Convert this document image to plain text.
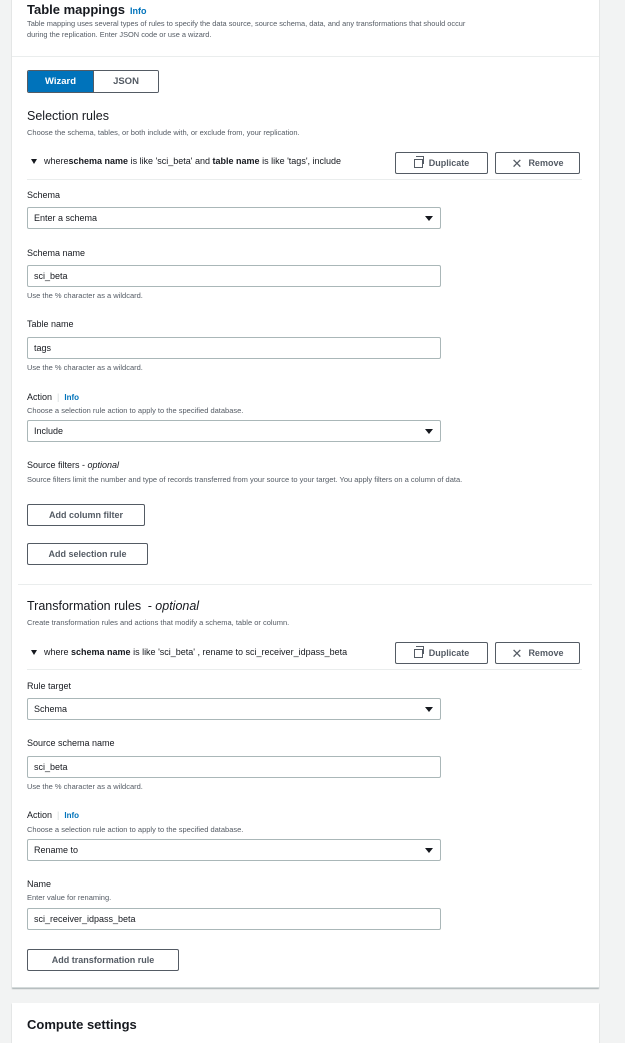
Table mappings Info
Table mapping uses several types of rules to specify the data source, source schema, data, and any transformations that should occur
during the replication. Enter JSON code or use a wizard.
Wizard	JSON
Selection rules
Choose the schema, tables, or both include with, or exclude from, your replication.
where schema name is like 'sci_beta' and table name is like 'tags', include	Duplicate	✕ Remove
Schema
Enter a schema
Schema name
sci_beta
Use the % character as a wildcard.
Table name
tags
Use the % character as a wildcard.
Action | Info
Choose a selection rule action to apply to the specified database.
Include
Source filters - optional
Source filters limit the number and type of records transferred from your source to your target. You apply filters on a column of data.
Add column filter
Add selection rule
Transformation rules - optional
Create transformation rules and actions that modify a schema, table or column.
where schema name is like 'sci_beta' , rename to sci_receiver_idpass_beta	Duplicate	✕ Remove
Rule target
Schema
Source schema name
sci_beta
Use the % character as a wildcard.
Action | Info
Choose a selection rule action to apply to the specified database.
Rename to
Name
Enter value for renaming.
sci_receiver_idpass_beta
Add transformation rule
Compute settings
